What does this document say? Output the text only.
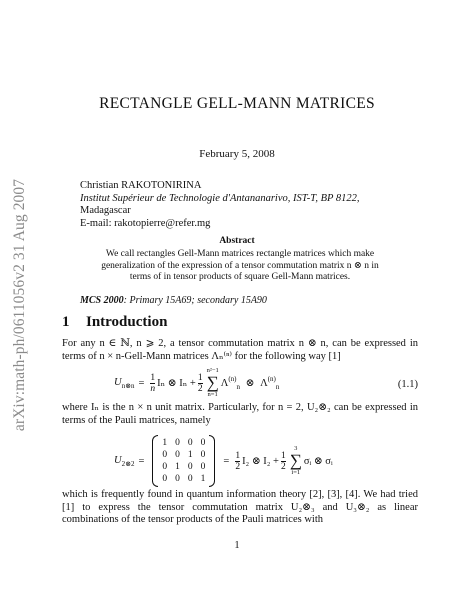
arXiv:math-ph/0611056v2 31 Aug 2007
RECTANGLE GELL-MANN MATRICES
February 5, 2008
Christian RAKOTONIRINA
Institut Supérieur de Technologie d'Antananarivo, IST-T, BP 8122,
Madagascar
E-mail: rakotopierre@refer.mg
Abstract
We call rectangles Gell-Mann matrices rectangle matrices which make generalization of the expression of a tensor commutation matrix n ⊗ n in terms of in tensor products of square Gell-Mann matrices.
MCS 2000: Primary 15A69; secondary 15A90
1 Introduction
For any n ∈ ℕ, n ⩾ 2, a tensor commutation matrix n ⊗ n, can be expressed in terms of n × n-Gell-Mann matrices Λₙ⁽ⁿ⁾ for the following way [1]
$U_{n\otimes n} = \frac{1}{n}$ Iₙ ⊗ $I_n + \frac{1}{2}$
n²−1
∑
n=1
$\Lambda^{(n)}_n$ ⊗ $\Lambda^{(n)}_n$	(1.1)
where Iₙ is the n × n unit matrix. Particularly, for n = 2, U₂⊗₂ can be expressed in terms of the Pauli matrices, namely
$U_{2\otimes 2}$ =
1	0	0	0
0	0	1	0
0	1	0	0
0	0	0	1
= $\frac{1}{2} I_2$ ⊗ $I_2 + \frac{1}{2}$
3
∑
i=1
σᵢ ⊗ σᵢ
which is frequently found in quantum information theory [2], [3], [4]. We had tried [1] to express the tensor commutation matrix U₂⊗₃ and U₃⊗₂ as linear combinations of the tensor products of the Pauli matrices with
1
